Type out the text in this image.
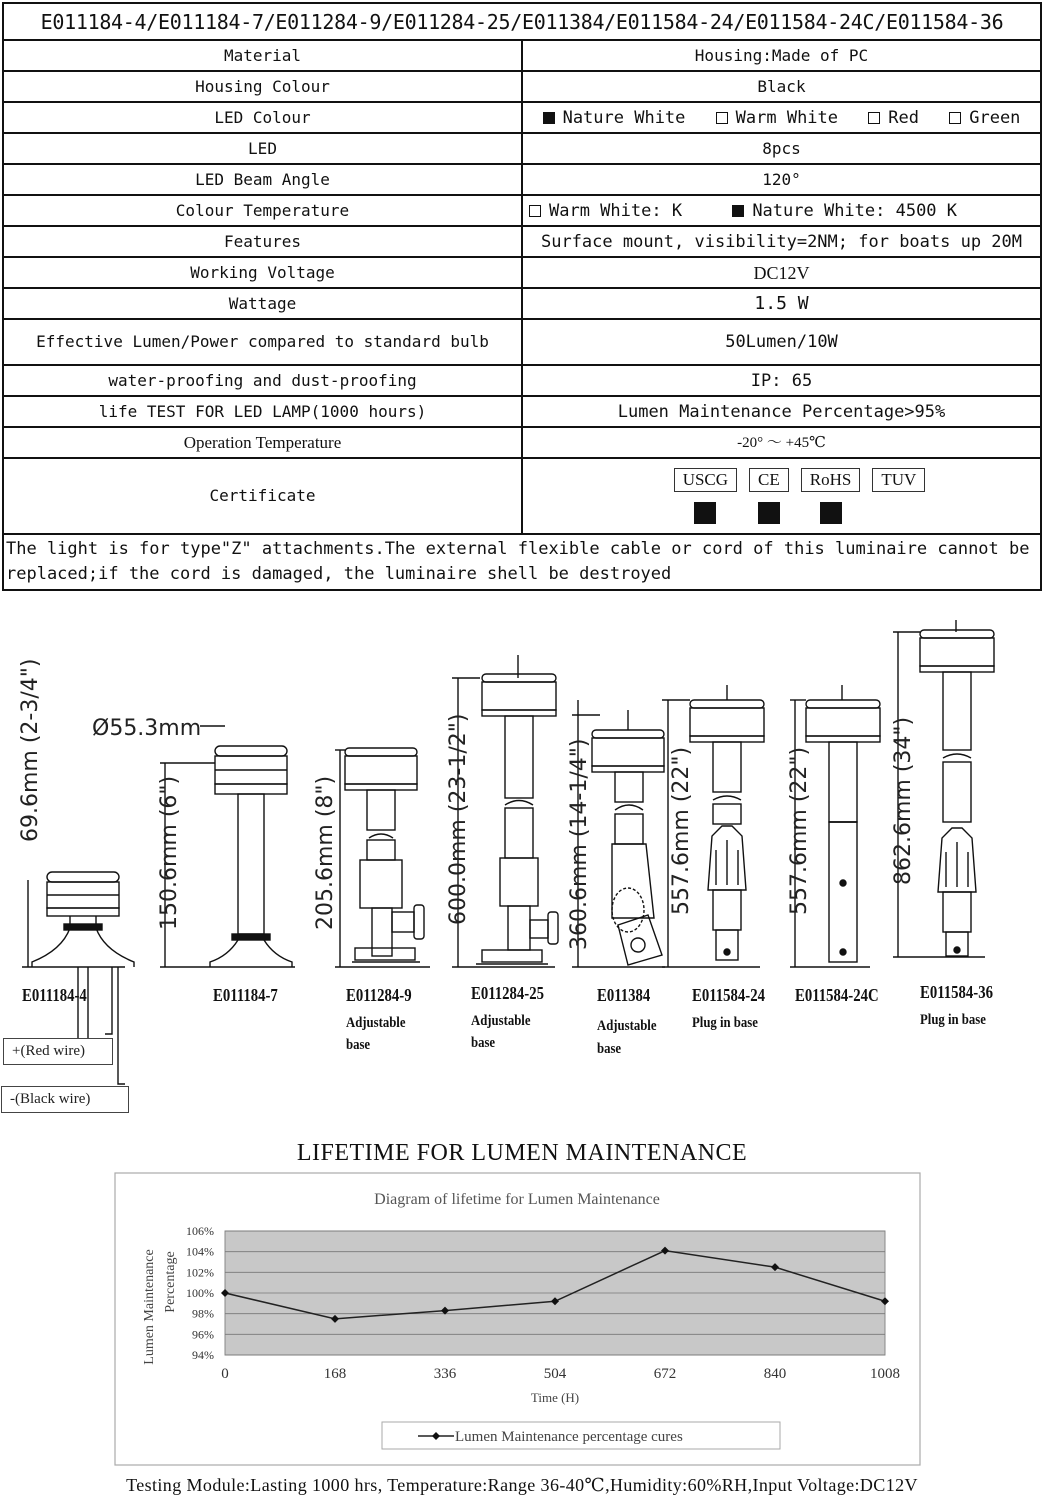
E011184-4/E011184-7/E011284-9/E011284-25/E011384/E011584-24/E011584-24C/E011584-36	
Material	Housing:Made of PC
Housing Colour	Black
LED Colour	Nature White Warm White Red Green
LED	8pcs
LED Beam Angle	120°
Colour Temperature	Warm White: K Nature White: 4500 K
Features	Surface mount, visibility=2NM; for boats up 20M
Working Voltage	DC12V
Wattage	1.5 W
Effective Lumen/Power compared to standard bulb	50Lumen/10W
water-proofing and dust-proofing	IP: 65
life TEST FOR LED LAMP(1000 hours)	Lumen Maintenance Percentage>95%
Operation Temperature	-20° ～ +45℃
Certificate	USCG CE RoHS TUV

The light is for type"Z" attachments.The external flexible cable or cord of this luminaire cannot be replaced;if the cord is damaged, the luminaire shell be destroyed	
69.6mm (2-3/4")
150.6mm (6")	205.6mm (8")	600.0mm (23-1/2")	360.6mm (14-1/4")	557.6mm (22")	557.6mm (22")	862.6mm (34")
Ø55.3mm
E011184-4	E011184-7	E011284-9
Adjustable
base
E011284-25
Adjustable
base
E011384
Adjustable
base
E011584-24
Plug in base
E011584-24C E011584-36
Plug in base
+(Red wire)
-(Black wire)
LIFETIME FOR LUMEN MAINTENANCE
Diagram of lifetime for Lumen Maintenance
94%
96%
98%
100%
102%
104%
106%
0	168	336	504	672	840	1008
Time (H)
Lumen Maintenance Percentage
Lumen Maintenance percentage cures
Testing Module:Lasting 1000 hrs, Temperature:Range 36-40℃,Humidity:60%RH,Input Voltage:DC12V
